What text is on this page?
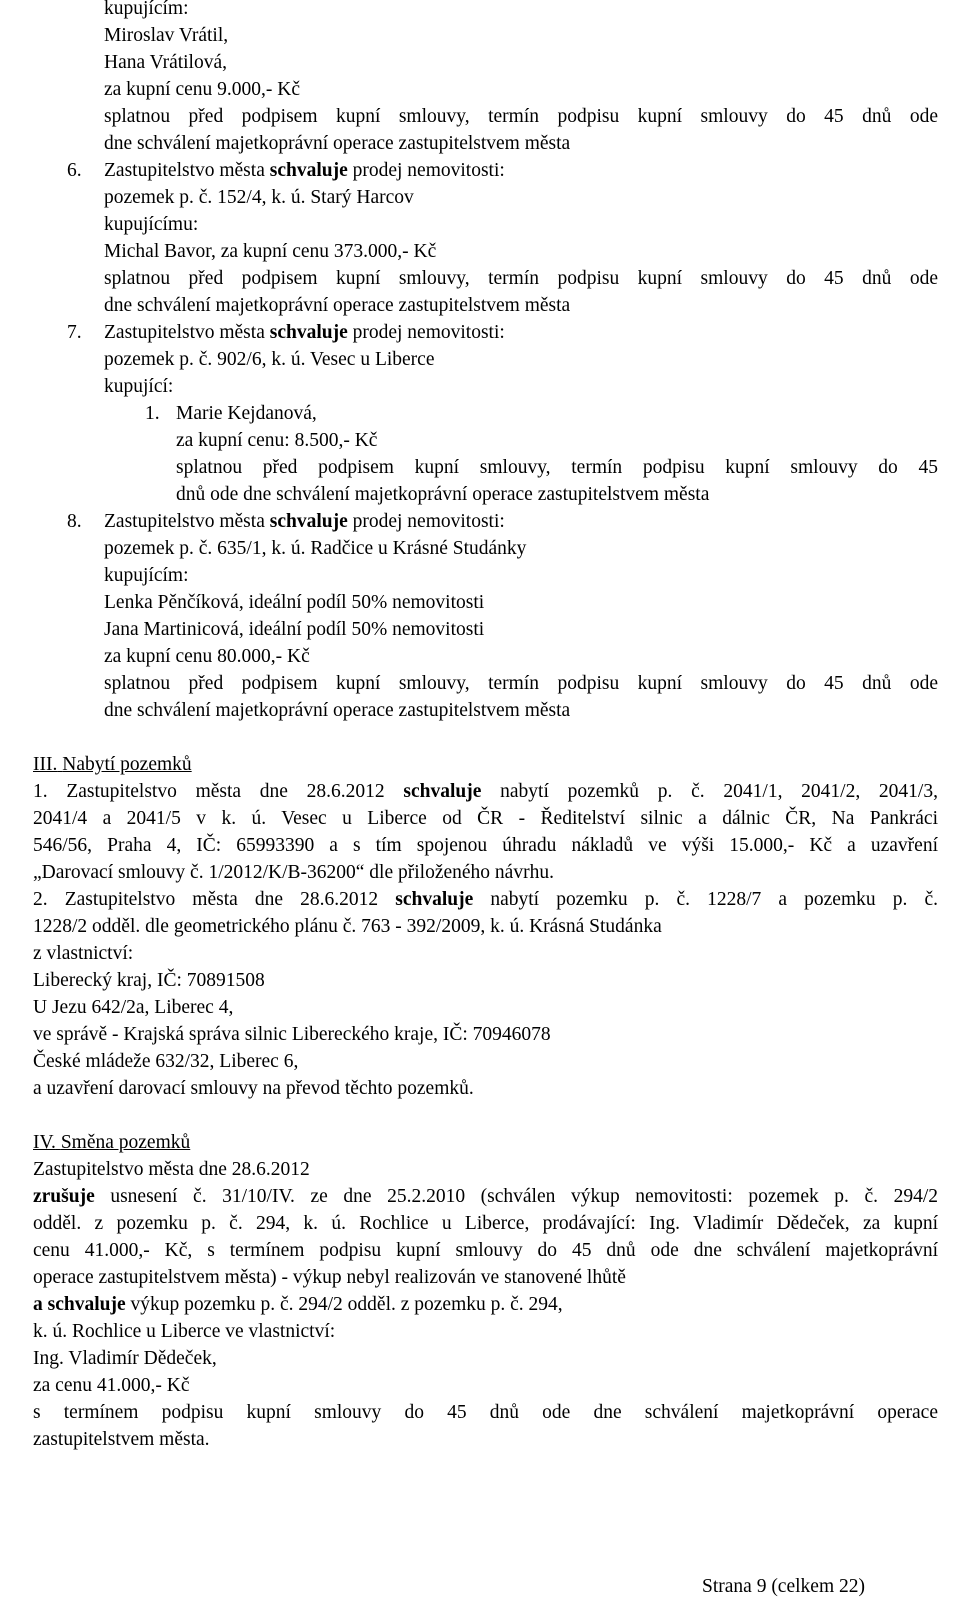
kupujícím:
Miroslav Vrátil,
Hana Vrátilová,
za kupní cenu 9.000,- Kč
splatnou před podpisem kupní smlouvy, termín podpisu kupní smlouvy do 45 dnů ode
dne schválení majetkoprávní operace zastupitelstvem města
6. Zastupitelstvo města schvaluje prodej nemovitosti:
pozemek p. č. 152/4, k. ú. Starý Harcov
kupujícímu:
Michal Bavor, za kupní cenu 373.000,- Kč
splatnou před podpisem kupní smlouvy, termín podpisu kupní smlouvy do 45 dnů ode
dne schválení majetkoprávní operace zastupitelstvem města
7. Zastupitelstvo města schvaluje prodej nemovitosti:
pozemek p. č. 902/6, k. ú. Vesec u Liberce
kupující:
1. Marie Kejdanová,
za kupní cenu: 8.500,- Kč
splatnou před podpisem kupní smlouvy, termín podpisu kupní smlouvy do 45
dnů ode dne schválení majetkoprávní operace zastupitelstvem města
8. Zastupitelstvo města schvaluje prodej nemovitosti:
pozemek p. č. 635/1, k. ú. Radčice u Krásné Studánky
kupujícím:
Lenka Pěnčíková, ideální podíl 50% nemovitosti
Jana Martinicová, ideální podíl 50% nemovitosti
za kupní cenu 80.000,- Kč
splatnou před podpisem kupní smlouvy, termín podpisu kupní smlouvy do 45 dnů ode
dne schválení majetkoprávní operace zastupitelstvem města
III. Nabytí pozemků
1. Zastupitelstvo města dne 28.6.2012 schvaluje nabytí pozemků p. č. 2041/1, 2041/2, 2041/3,
2041/4 a 2041/5 v k. ú. Vesec u Liberce od ČR - Ředitelství silnic a dálnic ČR, Na Pankráci
546/56, Praha 4, IČ: 65993390 a s tím spojenou úhradu nákladů ve výši 15.000,- Kč a uzavření
„Darovací smlouvy č. 1/2012/K/B-36200“ dle přiloženého návrhu.
2. Zastupitelstvo města dne 28.6.2012 schvaluje nabytí pozemku p. č. 1228/7 a pozemku p. č.
1228/2 odděl. dle geometrického plánu č. 763 - 392/2009, k. ú. Krásná Studánka
z vlastnictví:
Liberecký kraj, IČ: 70891508
U Jezu 642/2a, Liberec 4,
ve správě - Krajská správa silnic Libereckého kraje, IČ: 70946078
České mládeže 632/32, Liberec 6,
a uzavření darovací smlouvy na převod těchto pozemků.
IV. Směna pozemků
Zastupitelstvo města dne 28.6.2012
zrušuje usnesení č. 31/10/IV. ze dne 25.2.2010 (schválen výkup nemovitosti: pozemek p. č. 294/2
odděl. z pozemku p. č. 294, k. ú. Rochlice u Liberce, prodávající: Ing. Vladimír Dědeček, za kupní
cenu 41.000,- Kč, s termínem podpisu kupní smlouvy do 45 dnů ode dne schválení majetkoprávní
operace zastupitelstvem města) - výkup nebyl realizován ve stanovené lhůtě
a schvaluje výkup pozemku p. č. 294/2 odděl. z pozemku p. č. 294,
k. ú. Rochlice u Liberce ve vlastnictví:
Ing. Vladimír Dědeček,
za cenu 41.000,- Kč
s termínem podpisu kupní smlouvy do 45 dnů ode dne schválení majetkoprávní operace
zastupitelstvem města.
Strana 9 (celkem 22)
